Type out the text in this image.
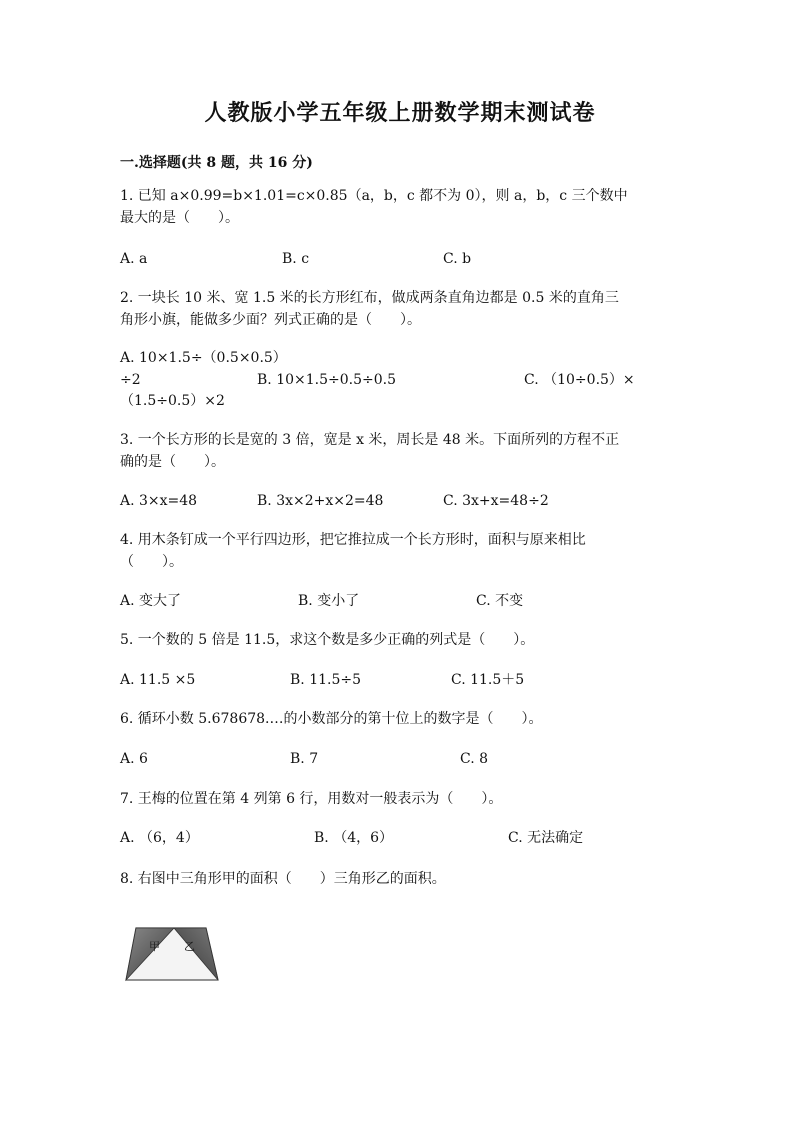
人教版小学五年级上册数学期末测试卷
一.选择题(共 8 题，共 16 分)
1. 已知 a×0.99=b×1.01=c×0.85（a，b，c 都不为 0），则 a，b，c 三个数中
最大的是（　　）。
A. a	B. c	C. b
2. 一块长 10 米、宽 1.5 米的长方形红布，做成两条直角边都是 0.5 米的直角三
角形小旗，能做多少面？列式正确的是（　　）。
A. 10×1.5÷（0.5×0.5）
÷2	B. 10×1.5÷0.5÷0.5	C. （10÷0.5）×
（1.5÷0.5）×2
3. 一个长方形的长是宽的 3 倍，宽是 x 米，周长是 48 米。下面所列的方程不正
确的是（　　）。
A. 3×x=48	B. 3x×2+x×2=48	C. 3x+x=48÷2
4. 用木条钉成一个平行四边形，把它推拉成一个长方形时，面积与原来相比
（　　）。
A. 变大了	B. 变小了	C. 不变
5. 一个数的 5 倍是 11.5，求这个数是多少正确的列式是（　　）。
A. 11.5 ×5	B. 11.5÷5	C. 11.5＋5
6. 循环小数 5.678678.…的小数部分的第十位上的数字是（　　）。
A. 6	B. 7	C. 8
7. 王梅的位置在第 4 列第 6 行，用数对一般表示为（　　）。
A. （6，4）	B. （4，6）	C. 无法确定
8. 右图中三角形甲的面积（　　）三角形乙的面积。
甲 乙
